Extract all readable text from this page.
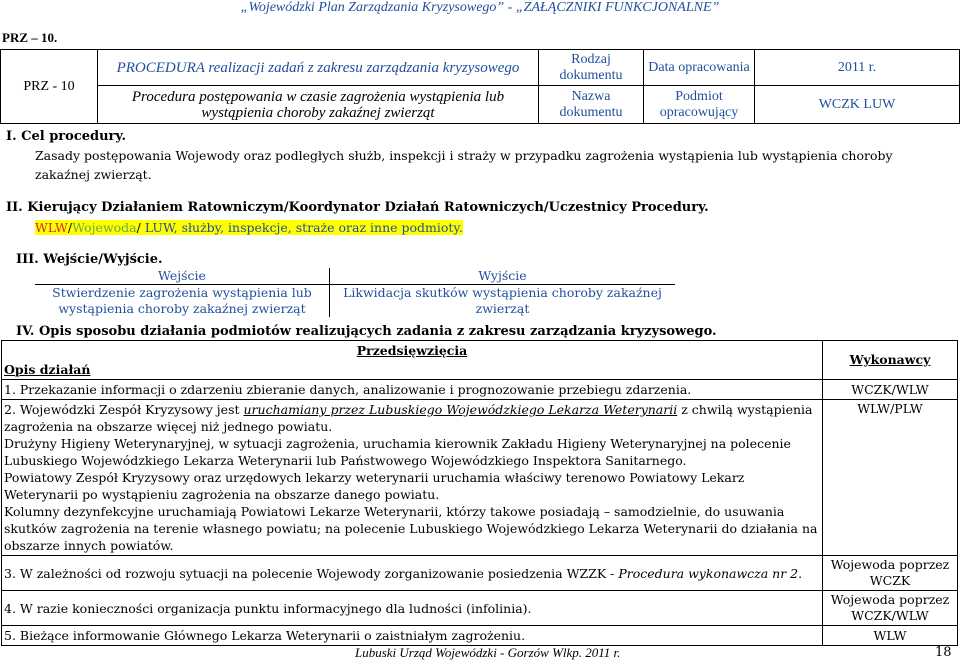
„Wojewódzki Plan Zarządzania Kryzysowego” - „ZAŁĄCZNIKI FUNKCJONALNE”
PRZ – 10.
PRZ - 10	PROCEDURA realizacji zadań z zakresu zarządzania kryzysowego	Rodzaj dokumentu	Data opracowania	2011 r.
	Procedura postępowania w czasie zagrożenia wystąpienia lub wystąpienia choroby zakaźnej zwierząt	Nazwa dokumentu	Podmiot opracowujący	WCZK LUW
I. Cel procedury.
Zasady postępowania Wojewody oraz podległych służb, inspekcji i straży w przypadku zagrożenia wystąpienia lub wystąpienia choroby zakaźnej zwierząt.
II. Kierujący Działaniem Ratowniczym/Koordynator Działań Ratowniczych/Uczestnicy Procedury.
WLW/Wojewoda/ LUW, służby, inspekcje, straże oraz inne podmioty.
III. Wejście/Wyjście.
Wejście	Wyjście
Stwierdzenie zagrożenia wystąpienia lub wystąpienia choroby zakaźnej zwierząt	Likwidacja skutków wystąpienia choroby zakaźnej zwierząt
IV. Opis sposobu działania podmiotów realizujących zadania z zakresu zarządzania kryzysowego.
Przedsięwzięcia	Wykonawcy
Opis działań	
1. Przekazanie informacji o zdarzeniu zbieranie danych, analizowanie i prognozowanie przebiegu zdarzenia.	WCZK/WLW

2. Wojewódzki Zespół Kryzysowy jest uruchamiany przez Lubuskiego Wojewódzkiego Lekarza Weterynarii z chwilą wystąpienia zagrożenia na obszarze więcej niż jednego powiatu.
Drużyny Higieny Weterynaryjnej, w sytuacji zagrożenia, uruchamia kierownik Zakładu Higieny Weterynaryjnej na polecenie Lubuskiego Wojewódzkiego Lekarza Weterynarii lub Państwowego Wojewódzkiego Inspektora Sanitarnego.
Powiatowy Zespół Kryzysowy oraz urzędowych lekarzy weterynarii uruchamia właściwy terenowo Powiatowy Lekarz Weterynarii po wystąpieniu zagrożenia na obszarze danego powiatu.
Kolumny dezynfekcyjne uruchamiają Powiatowi Lekarze Weterynarii, którzy takowe posiadają – samodzielnie, do usuwania skutków zagrożenia na terenie własnego powiatu; na polecenie Lubuskiego Wojewódzkiego Lekarza Weterynarii do działania na obszarze innych powiatów.	WLW/PLW
3. W zależności od rozwoju sytuacji na polecenie Wojewody zorganizowanie posiedzenia WZZK - Procedura wykonawcza nr 2.	Wojewoda poprzez WCZK
4. W razie konieczności organizacja punktu informacyjnego dla ludności (infolinia).	Wojewoda poprzez WCZK/WLW
5. Bieżące informowanie Głównego Lekarza Weterynarii o zaistniałym zagrożeniu.	WLW
Lubuski Urząd Wojewódzki - Gorzów Wlkp. 2011 r.	18
